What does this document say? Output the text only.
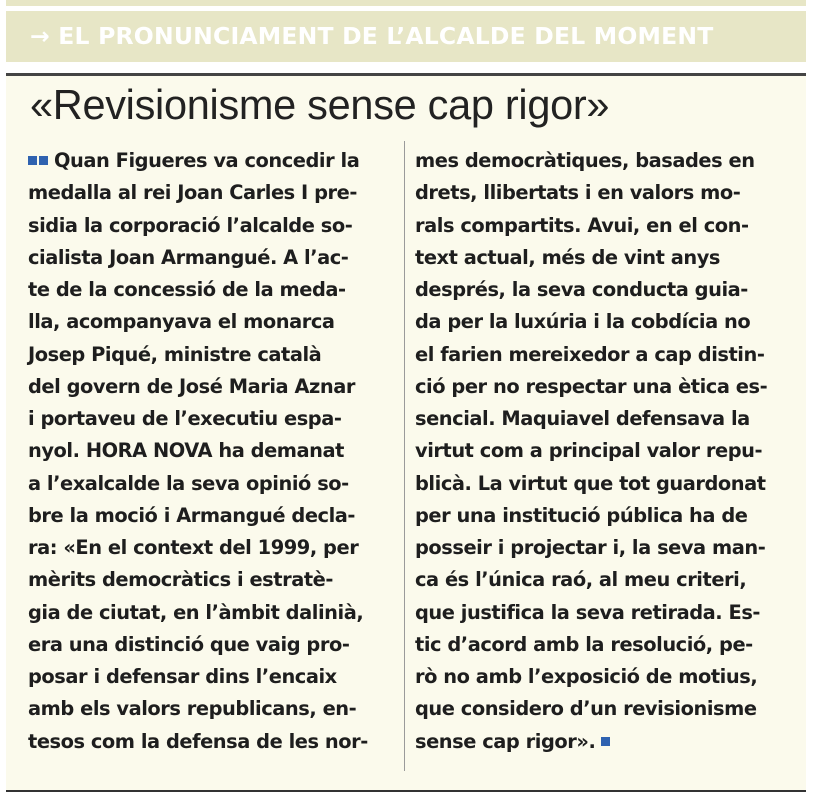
→ EL PRONUNCIAMENT DE L’ALCALDE DEL MOMENT
«Revisionisme sense cap rigor»
Quan Figueres va concedir la
medalla al rei Joan Carles I pre-
sidia la corporació l’alcalde so-
cialista Joan Armangué. A l’ac-
te de la concessió de la meda-
lla, acompanyava el monarca
Josep Piqué, ministre català
del govern de José Maria Aznar
i portaveu de l’executiu espa-
nyol. HORA NOVA ha demanat
a l’exalcalde la seva opinió so-
bre la moció i Armangué decla-
ra: «En el context del 1999, per
mèrits democràtics i estratè-
gia de ciutat, en l’àmbit dalinià,
era una distinció que vaig pro-
posar i defensar dins l’encaix
amb els valors republicans, en-
tesos com la defensa de les nor-
mes democràtiques, basades en
drets, llibertats i en valors mo-
rals compartits. Avui, en el con-
text actual, més de vint anys
després, la seva conducta guia-
da per la luxúria i la cobdícia no
el farien mereixedor a cap distin-
ció per no respectar una ètica es-
sencial. Maquiavel defensava la
virtut com a principal valor repu-
blicà. La virtut que tot guardonat
per una institució pública ha de
posseir i projectar i, la seva man-
ca és l’única raó, al meu criteri,
que justifica la seva retirada. Es-
tic d’acord amb la resolució, pe-
rò no amb l’exposició de motius,
que considero d’un revisionisme
sense cap rigor».
